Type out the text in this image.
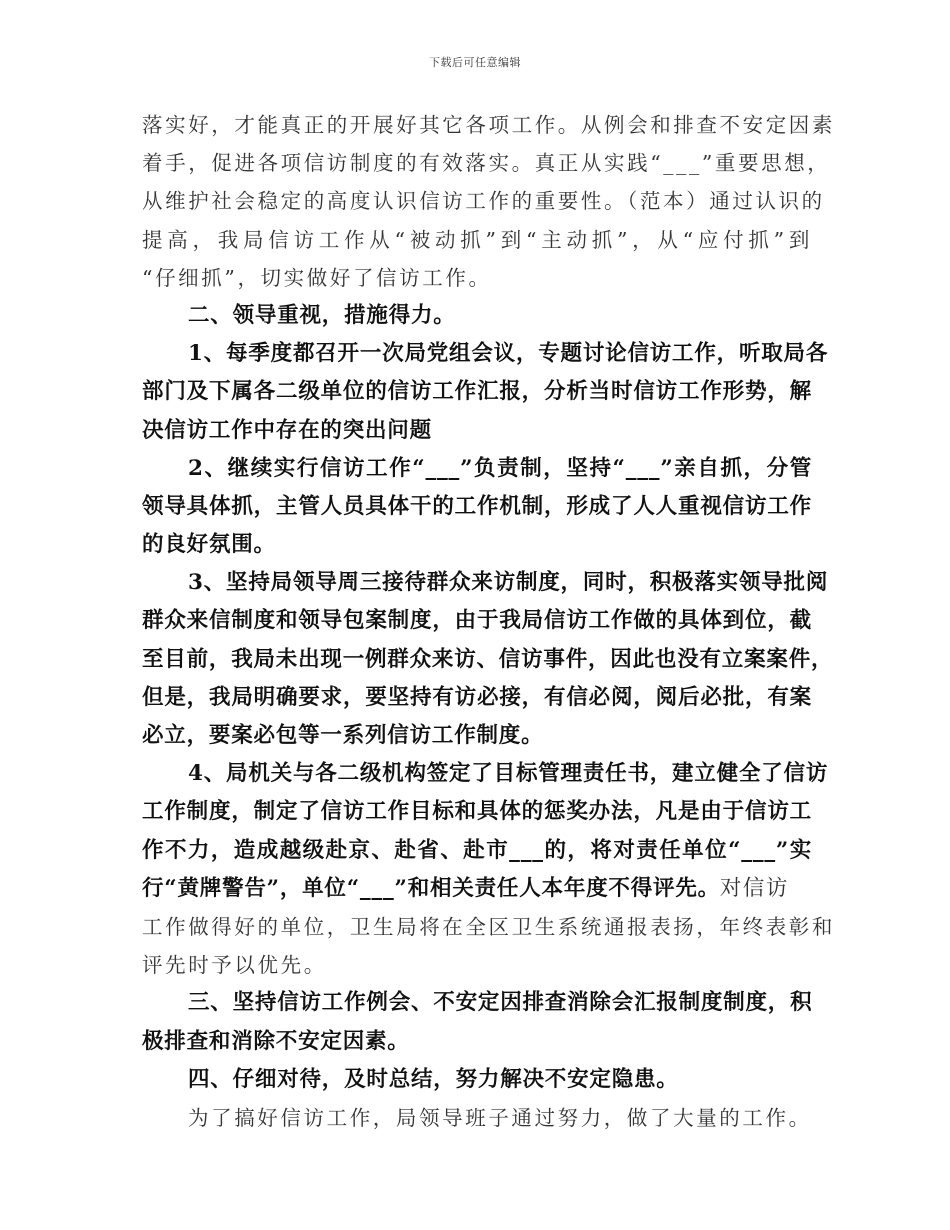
下载后可任意编辑
落实好，才能真正的开展好其它各项工作。从例会和排查不安定因素
着手，促进各项信访制度的有效落实。真正从实践“___”重要思想，
从维护社会稳定的高度认识信访工作的重要性。（范本）通过认识的
提高，我局信访工作从“被动抓”到“主动抓”，从“应付抓”到
“仔细抓”，切实做好了信访工作。
二、领导重视，措施得力。
1、每季度都召开一次局党组会议，专题讨论信访工作，听取局各
部门及下属各二级单位的信访工作汇报，分析当时信访工作形势，解
决信访工作中存在的突出问题
2、继续实行信访工作“___”负责制，坚持“___”亲自抓，分管
领导具体抓，主管人员具体干的工作机制，形成了人人重视信访工作
的良好氛围。
3、坚持局领导周三接待群众来访制度，同时，积极落实领导批阅
群众来信制度和领导包案制度，由于我局信访工作做的具体到位，截
至目前，我局未出现一例群众来访、信访事件，因此也没有立案案件，
但是，我局明确要求，要坚持有访必接，有信必阅，阅后必批，有案
必立，要案必包等一系列信访工作制度。
4、局机关与各二级机构签定了目标管理责任书，建立健全了信访
工作制度，制定了信访工作目标和具体的惩奖办法，凡是由于信访工
作不力，造成越级赴京、赴省、赴市___的，将对责任单位“___”实
行“黄牌警告”，单位“___”和相关责任人本年度不得评先。对信访
工作做得好的单位，卫生局将在全区卫生系统通报表扬，年终表彰和
评先时予以优先。
三、坚持信访工作例会、不安定因排查消除会汇报制度制度，积
极排查和消除不安定因素。
四、仔细对待，及时总结，努力解决不安定隐患。
为了搞好信访工作，局领导班子通过努力，做了大量的工作。
